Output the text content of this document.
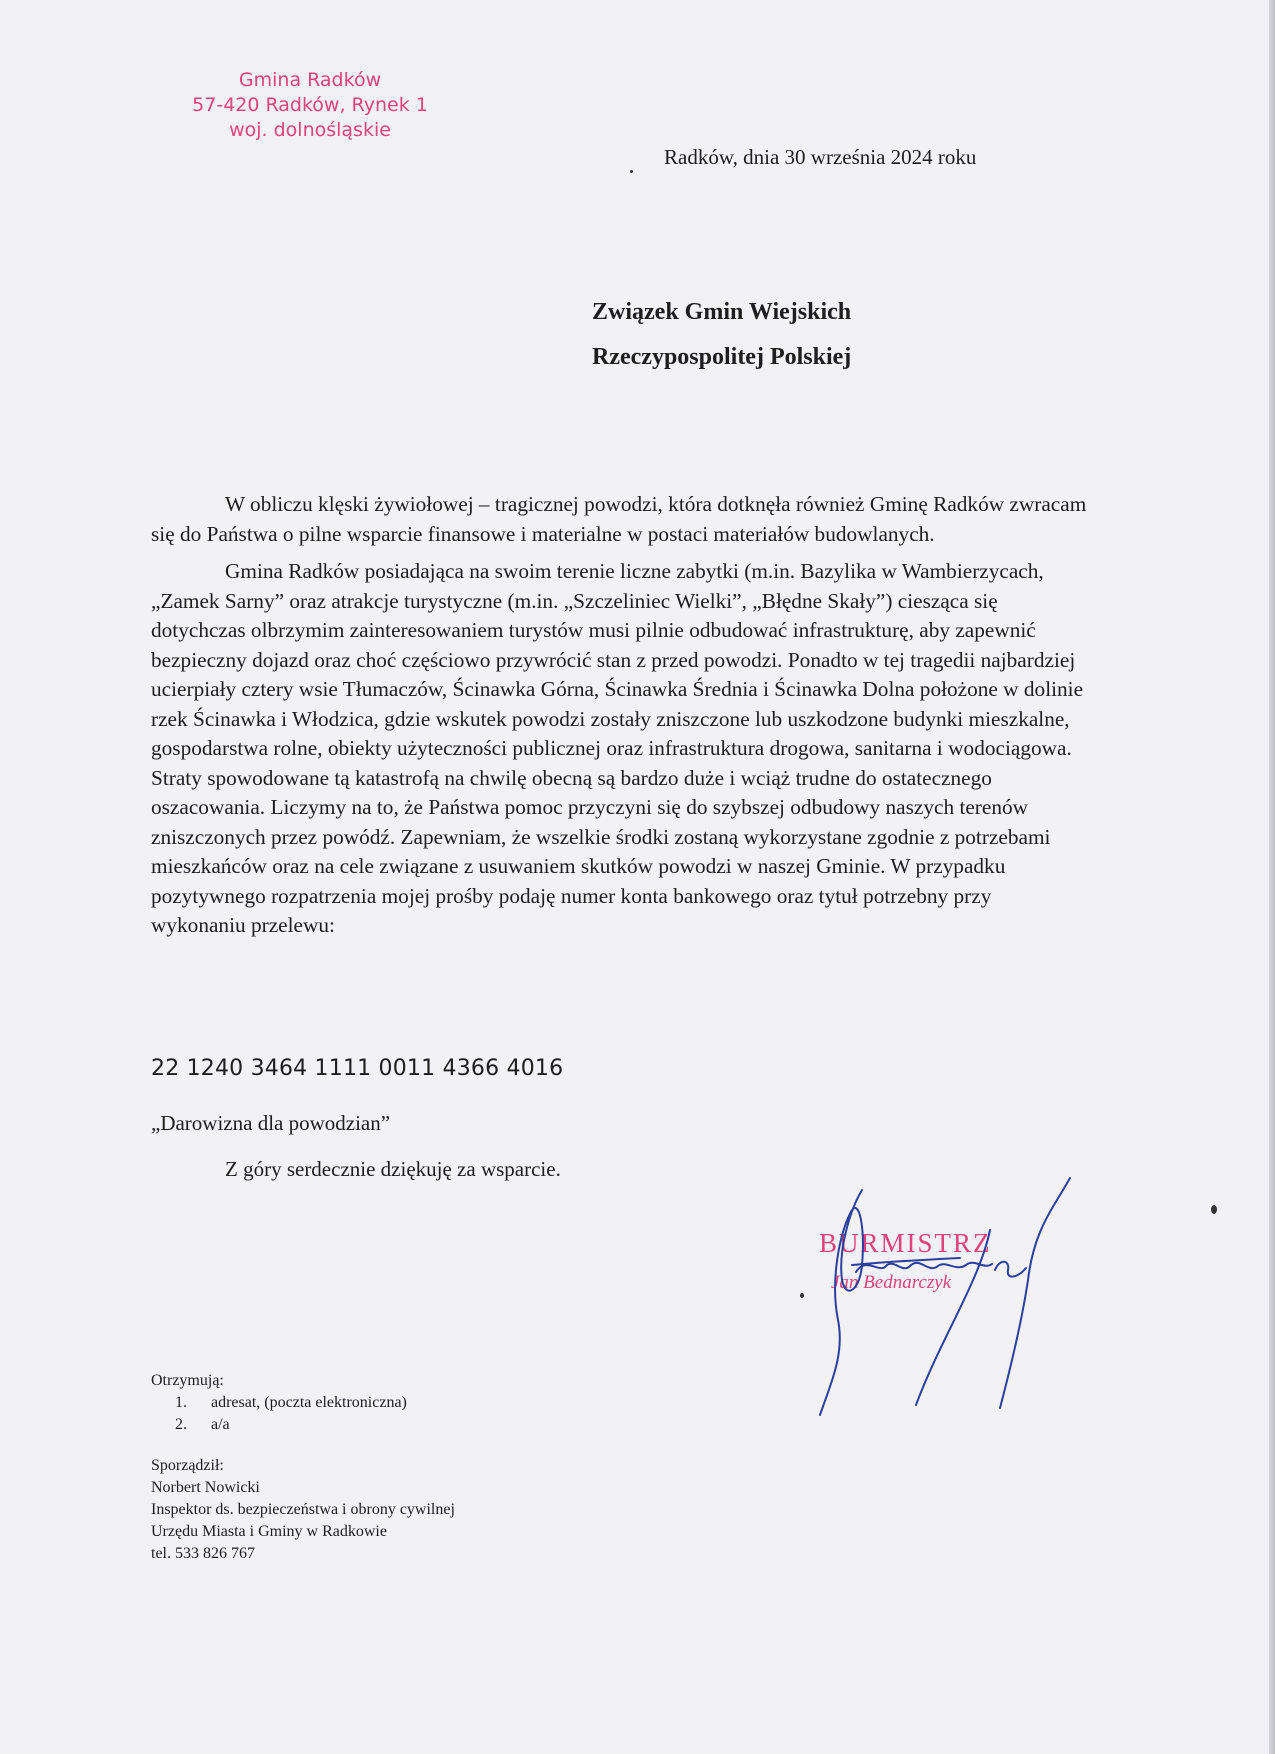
Gmina Radków
57-420 Radków, Rynek 1
woj. dolnośląskie
Radków, dnia 30 września 2024 roku
Związek Gmin Wiejskich
Rzeczypospolitej Polskiej

W obliczu klęski żywiołowej – tragicznej powodzi, która dotknęła również Gminę Radków zwracam się do Państwa o pilne wsparcie finansowe i materialne w postaci materiałów budowlanych.

Gmina Radków posiadająca na swoim terenie liczne zabytki (m.in. Bazylika w Wambierzycach, „Zamek Sarny” oraz atrakcje turystyczne (m.in. „Szczeliniec Wielki”, „Błędne Skały”) ciesząca się dotychczas olbrzymim zainteresowaniem turystów musi pilnie odbudować infrastrukturę, aby zapewnić bezpieczny dojazd oraz choć częściowo przywrócić stan z przed powodzi. Ponadto w tej tragedii najbardziej ucierpiały cztery wsie Tłumaczów, Ścinawka Górna, Ścinawka Średnia i Ścinawka Dolna położone w dolinie rzek Ścinawka i Włodzica, gdzie wskutek powodzi zostały zniszczone lub uszkodzone budynki mieszkalne, gospodarstwa rolne, obiekty użyteczności publicznej oraz infrastruktura drogowa, sanitarna i wodociągowa. Straty spowodowane tą katastrofą na chwilę obecną są bardzo duże i wciąż trudne do ostatecznego oszacowania. Liczymy na to, że Państwa pomoc przyczyni się do szybszej odbudowy naszych terenów zniszczonych przez powódź. Zapewniam, że wszelkie środki zostaną wykorzystane zgodnie z potrzebami mieszkańców oraz na cele związane z usuwaniem skutków powodzi w naszej Gminie. W przypadku pozytywnego rozpatrzenia mojej prośby podaję numer konta bankowego oraz tytuł potrzebny przy wykonaniu przelewu:

22 1240 3464 1111 0011 4366 4016
„Darowizna dla powodzian”
Z góry serdecznie dziękuję za wsparcie.
BURMISTRZ
Jan Bednarczyk
Otrzymują:
1.	adresat, (poczta elektroniczna)
2.	a/a
Sporządził:
Norbert Nowicki
Inspektor ds. bezpieczeństwa i obrony cywilnej
Urzędu Miasta i Gminy w Radkowie
tel. 533 826 767
